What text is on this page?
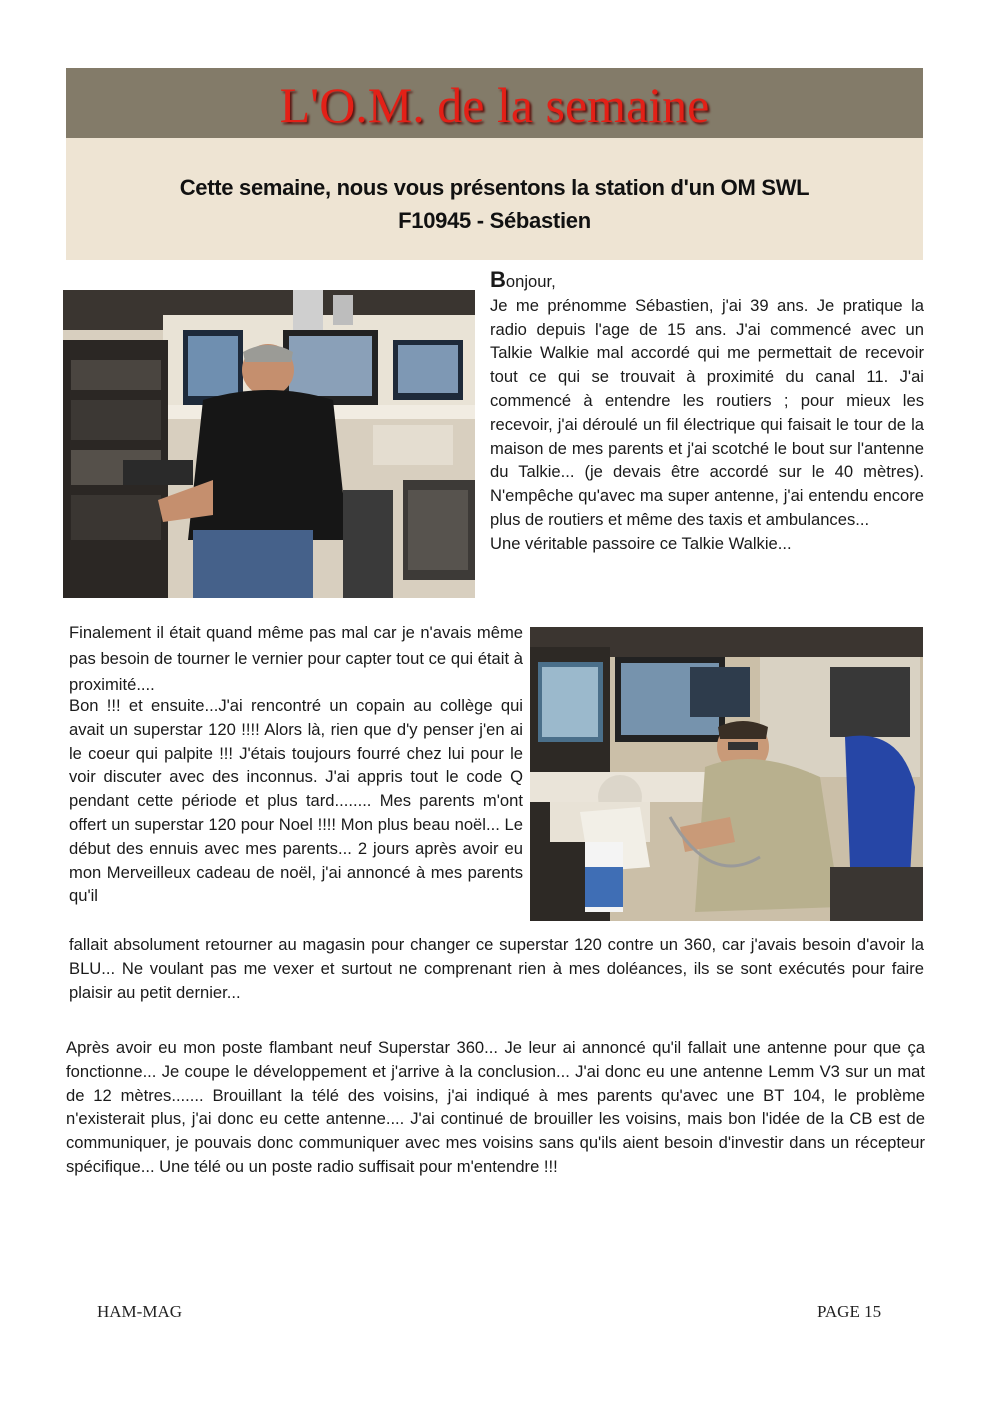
L'O.M. de la semaine
Cette semaine, nous vous présentons la station d'un OM SWL
F10945 - Sébastien

Bonjour,

Je me prénomme Sébastien, j'ai 39 ans. Je pratique la radio depuis l'age de 15 ans. J'ai commencé avec un Talkie Walkie mal accordé qui me permettait de recevoir tout ce qui se trouvait à proximité du canal 11. J'ai commencé à entendre les routiers ; pour mieux les recevoir, j'ai déroulé un fil électrique qui faisait le tour de la maison de mes parents et j'ai scotché le bout sur l'antenne du Talkie... (je devais être accordé sur le 40 mètres). N'empêche qu'avec ma super antenne, j'ai entendu encore plus de routiers et même des taxis et ambulances...

Une véritable passoire ce Talkie Walkie...

Finalement il était quand même pas mal car je n'avais même pas besoin de tourner le vernier pour capter tout ce qui était à proximité....

Bon !!! et ensuite...J'ai rencontré un copain au collège qui avait un superstar 120 !!!! Alors là, rien que d'y penser j'en ai le coeur qui palpite !!! J'étais toujours fourré chez lui pour le voir discuter avec des inconnus. J'ai appris tout le code Q pendant cette période et plus tard........ Mes parents m'ont offert un superstar 120 pour Noel !!!! Mon plus beau noël... Le début des ennuis avec mes parents... 2 jours après avoir eu mon Merveilleux cadeau de noël, j'ai annoncé à mes parents qu'il

fallait absolument retourner au magasin pour changer ce superstar 120 contre un 360, car j'avais besoin d'avoir la BLU... Ne voulant pas me vexer et surtout ne comprenant rien à mes doléances, ils se sont exécutés pour faire plaisir au petit dernier...

Après avoir eu mon poste flambant neuf Superstar 360... Je leur ai annoncé qu'il fallait une antenne pour que ça fonctionne... Je coupe le développement et j'arrive à la conclusion... J'ai donc eu une antenne Lemm V3 sur un mat de 12 mètres....... Brouillant la télé des voisins, j'ai indiqué à mes parents qu'avec une BT 104, le problème n'existerait plus, j'ai donc eu cette antenne.... J'ai continué de brouiller les voisins, mais bon l'idée de la CB est de communiquer, je pouvais donc communiquer avec mes voisins sans qu'ils aient besoin d'investir dans un récepteur spécifique... Une télé ou un poste radio suffisait pour m'entendre !!!

HAM-MAG	PAGE 15
